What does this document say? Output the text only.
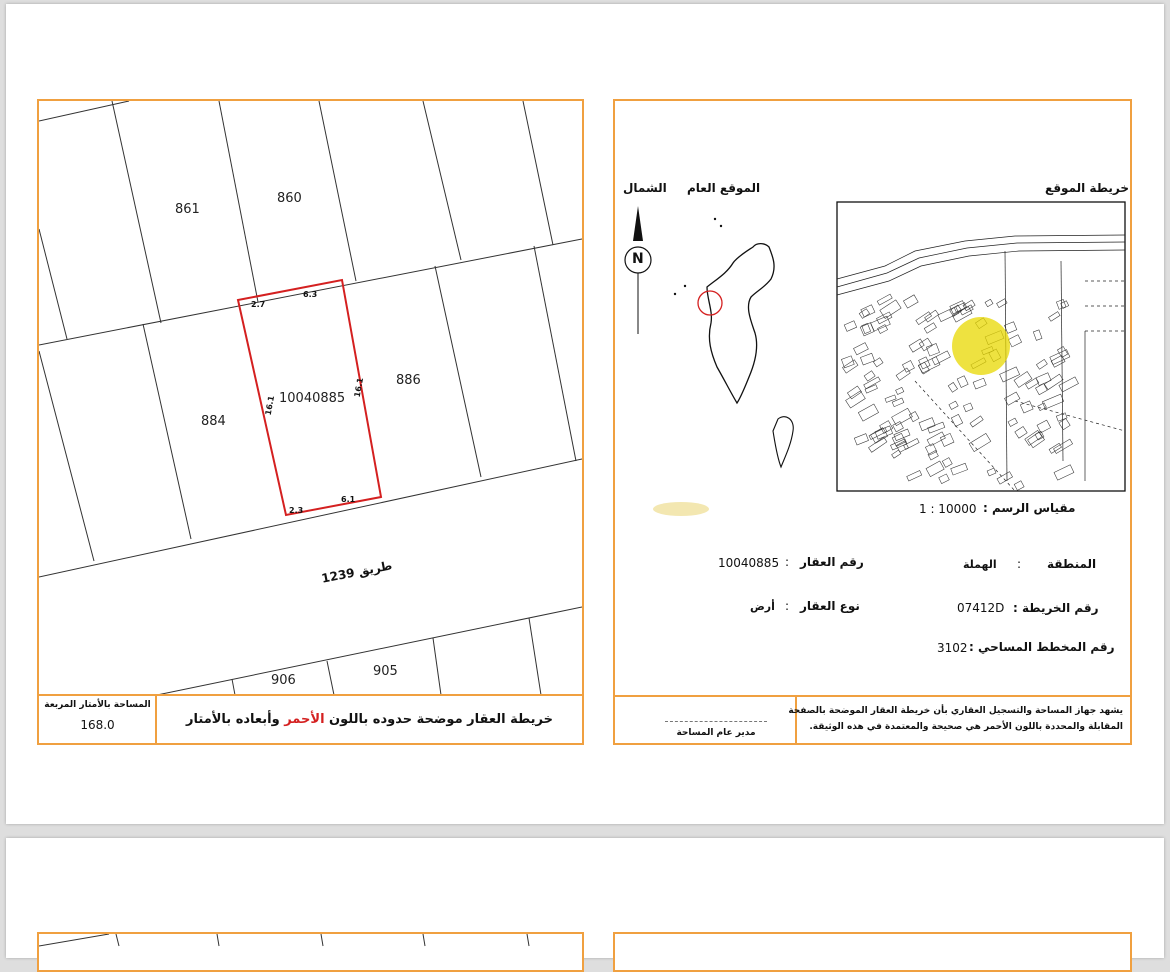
861
860
884
886
10040885
906
905
2.7
6.3
16.1
16.1
2.3
6.1
طريق 1239
المساحة بالأمتار المربعة
168.0	خريطة العقار موضحة حدوده باللون الأحمر وأبعاده بالأمتار
خريطة الموقع
الموقع العام
الشمال
N
مقياس الرسم :
1 : 10000
المنطقة
:
الهملة
رقم العقار
:
10040885
رقم الخريطة :
07412D
نوع العقار
:
أرض
رقم المخطط المساحي :
3102
مدير عام المساحة
يشهد جهاز المساحة والتسجيل العقاري بأن خريطة العقار الموضحة بالصفحة
المقابلة والمحددة باللون الأحمر هي صحيحة والمعتمدة في هذه الوثيقة.
